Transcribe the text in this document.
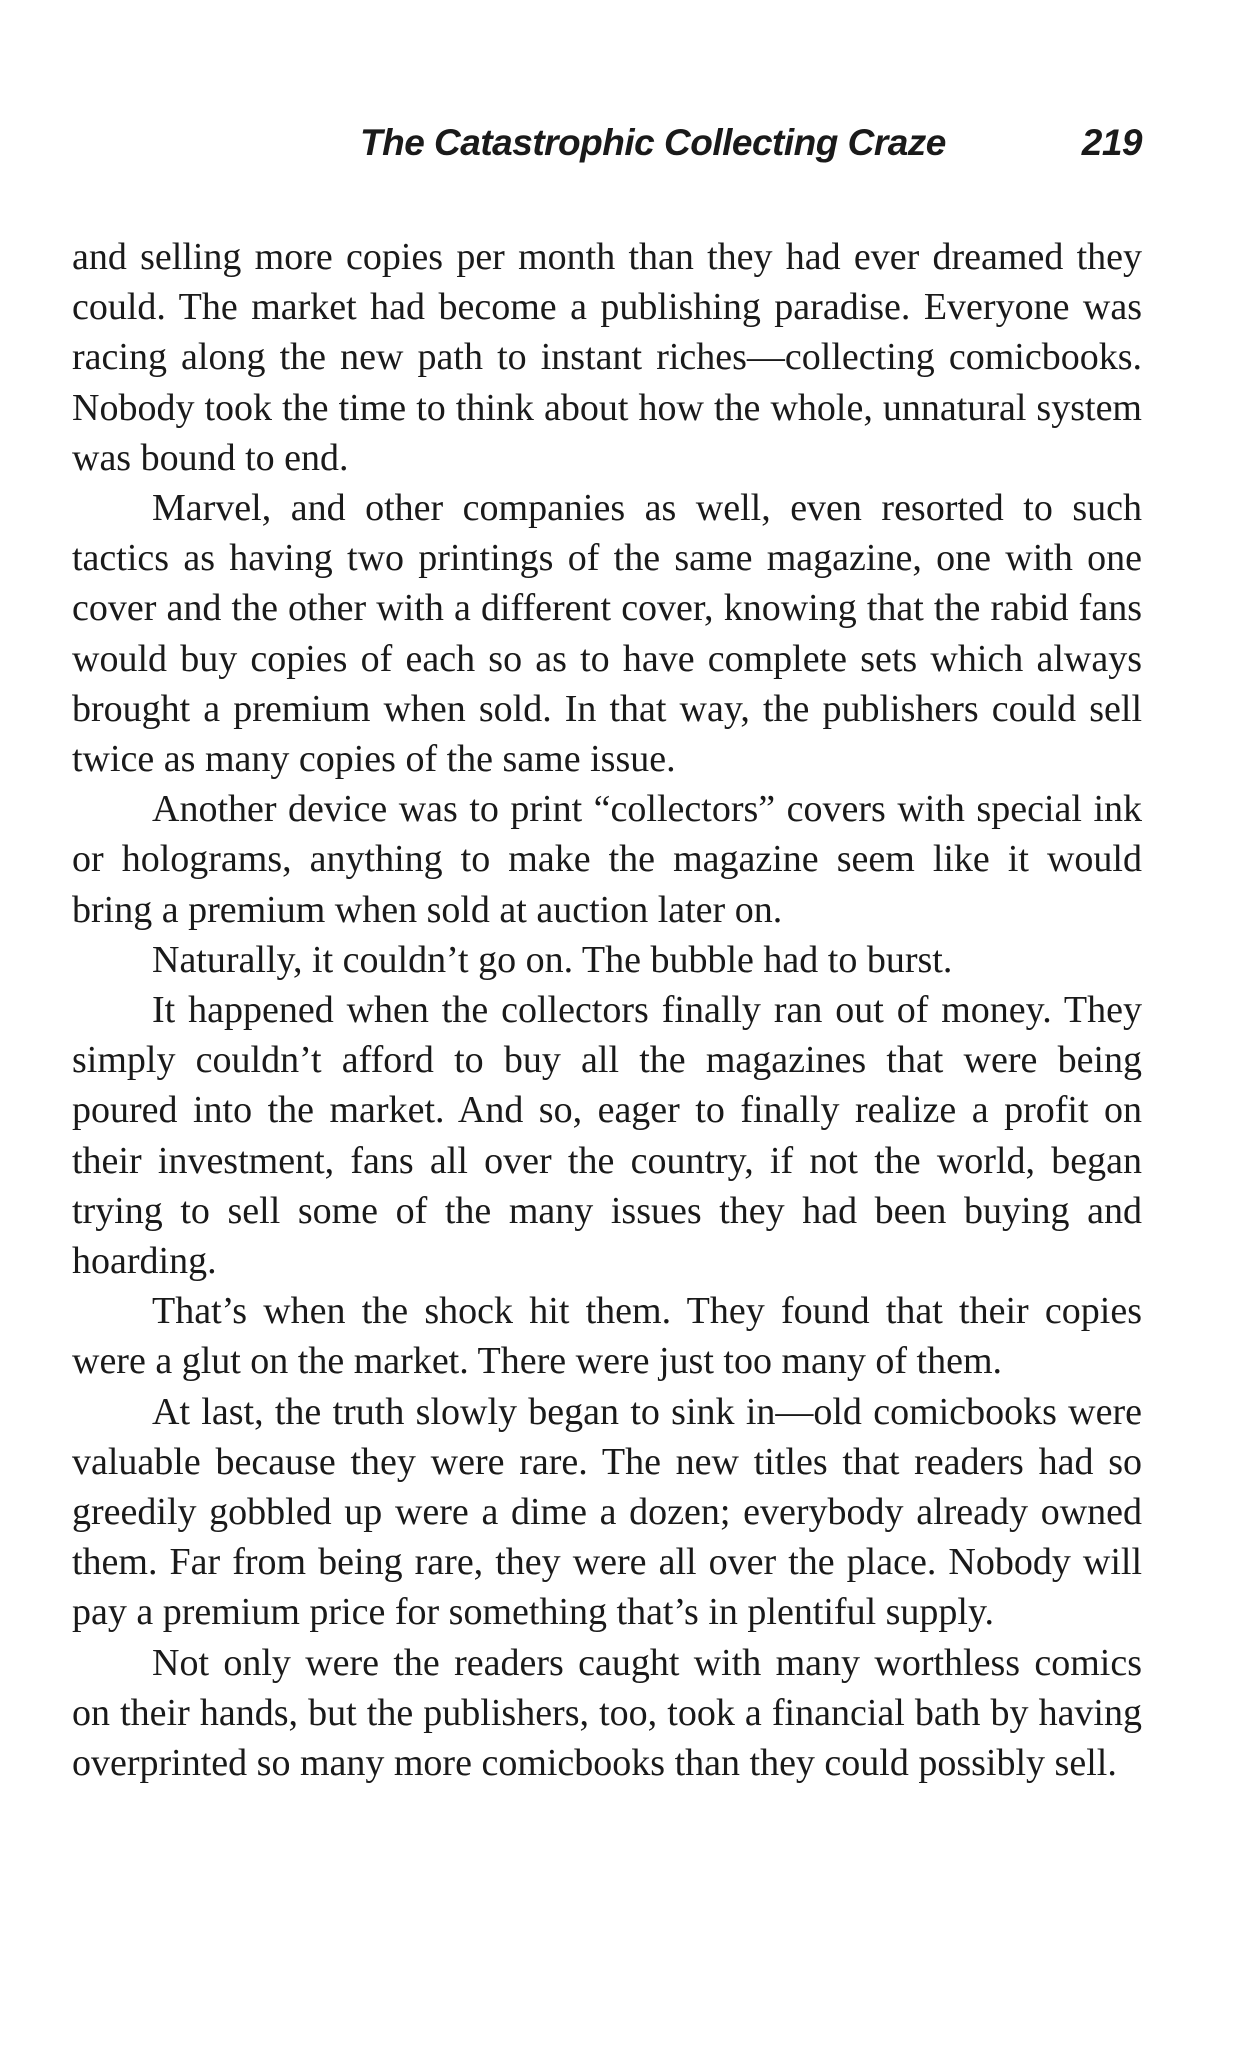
The Catastrophic Collecting Craze	219

and selling more copies per month than they had ever dreamed they could. The market had become a publishing paradise. Everyone was racing along the new path to instant riches—collecting comicbooks. Nobody took the time to think about how the whole, unnatural system was bound to end.

Marvel, and other companies as well, even resorted to such tactics as having two printings of the same magazine, one with one cover and the other with a different cover, knowing that the rabid fans would buy copies of each so as to have complete sets which always brought a premium when sold. In that way, the publishers could sell twice as many copies of the same issue.

Another device was to print “collectors” covers with special ink or holograms, anything to make the magazine seem like it would bring a premium when sold at auction later on.

Naturally, it couldn’t go on. The bubble had to burst.

It happened when the collectors finally ran out of money. They simply couldn’t afford to buy all the magazines that were being poured into the market. And so, eager to finally realize a profit on their investment, fans all over the country, if not the world, began trying to sell some of the many issues they had been buying and hoarding.

That’s when the shock hit them. They found that their copies were a glut on the market. There were just too many of them.

At last, the truth slowly began to sink in—old comicbooks were valuable because they were rare. The new titles that readers had so greedily gobbled up were a dime a dozen; everybody already owned them. Far from being rare, they were all over the place. Nobody will pay a premium price for something that’s in plentiful supply.

Not only were the readers caught with many worthless comics on their hands, but the publishers, too, took a financial bath by having overprinted so many more comicbooks than they could possibly sell.
